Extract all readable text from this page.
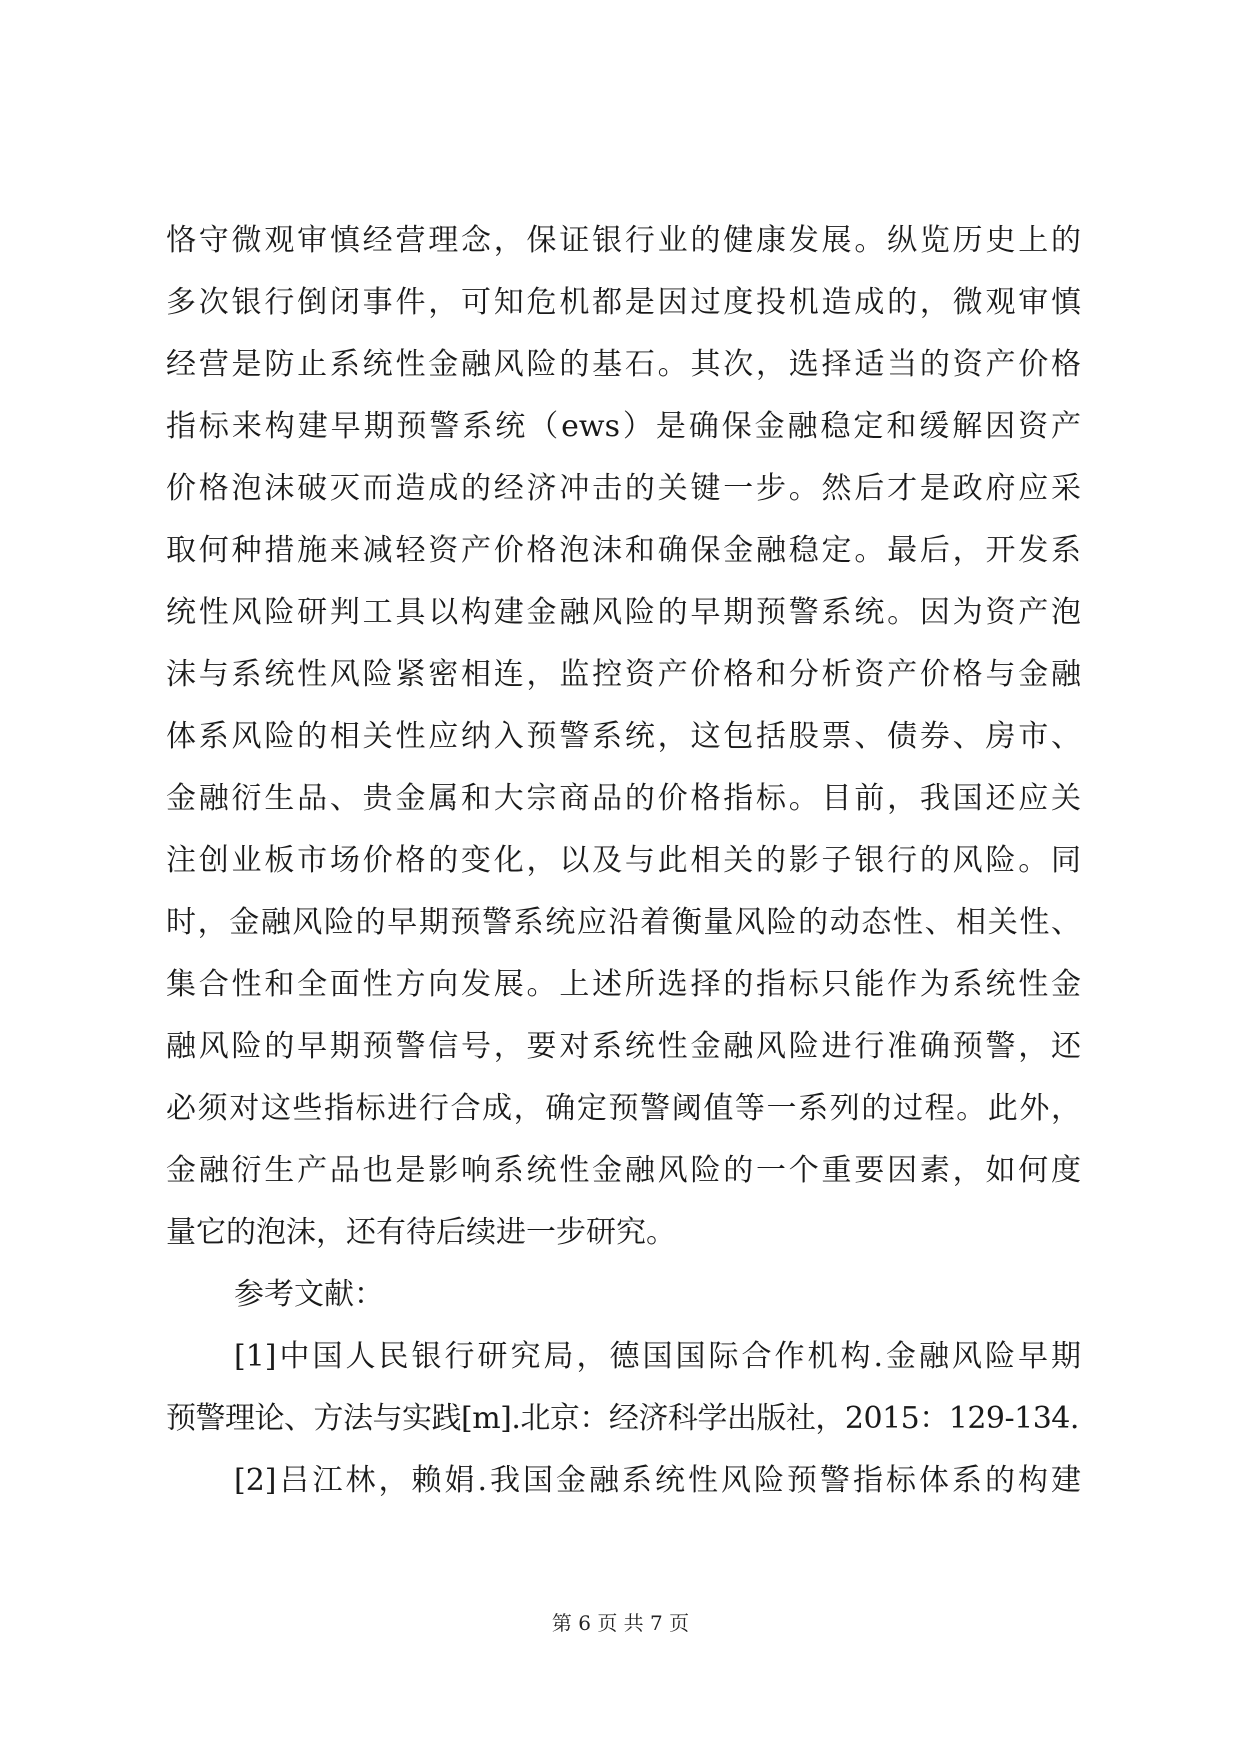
恪守微观审慎经营理念，保证银行业的健康发展。纵览历史上的
多次银行倒闭事件，可知危机都是因过度投机造成的，微观审慎
经营是防止系统性金融风险的基石。其次，选择适当的资产价格
指标来构建早期预警系统（ews）是确保金融稳定和缓解因资产
价格泡沫破灭而造成的经济冲击的关键一步。然后才是政府应采
取何种措施来减轻资产价格泡沫和确保金融稳定。最后，开发系
统性风险研判工具以构建金融风险的早期预警系统。因为资产泡
沫与系统性风险紧密相连，监控资产价格和分析资产价格与金融
体系风险的相关性应纳入预警系统，这包括股票、债券、房市、
金融衍生品、贵金属和大宗商品的价格指标。目前，我国还应关
注创业板市场价格的变化，以及与此相关的影子银行的风险。同
时，金融风险的早期预警系统应沿着衡量风险的动态性、相关性、
集合性和全面性方向发展。上述所选择的指标只能作为系统性金
融风险的早期预警信号，要对系统性金融风险进行准确预警，还
必须对这些指标进行合成，确定预警阈值等一系列的过程。此外，
金融衍生产品也是影响系统性金融风险的一个重要因素，如何度
量它的泡沫，还有待后续进一步研究。
参考文献：
[1]中国人民银行研究局，德国国际合作机构.金融风险早期
预警理论、方法与实践[m].北京：经济科学出版社，2015：129-134.
[2]吕江林，赖娟.我国金融系统性风险预警指标体系的构建
第 6 页 共 7 页
